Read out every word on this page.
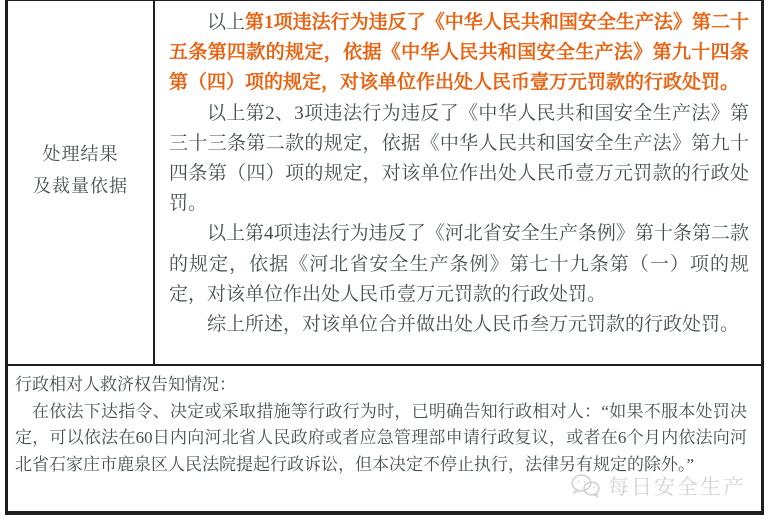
处理结果
及裁量依据

以上第1项违法行为违反了《中华人民共和国安全生产法》第二十五条第四款的规定，依据《中华人民共和国安全生产法》第九十四条第（四）项的规定，对该单位作出处人民币壹万元罚款的行政处罚。

以上第2、3项违法行为违反了《中华人民共和国安全生产法》第三十三条第二款的规定，依据《中华人民共和国安全生产法》第九十四条第（四）项的规定，对该单位作出处人民币壹万元罚款的行政处罚。

以上第4项违法行为违反了《河北省安全生产条例》第十条第二款的规定，依据《河北省安全生产条例》第七十九条第（一）项的规定，对该单位作出处人民币壹万元罚款的行政处罚。

综上所述，对该单位合并做出处人民币叁万元罚款的行政处罚。

行政相对人救济权告知情况：
在依法下达指令、决定或采取措施等行政行为时，已明确告知行政相对人：“如果不服本处罚决定，可以依法在60日内向河北省人民政府或者应急管理部申请行政复议，或者在6个月内依法向河北省石家庄市鹿泉区人民法院提起行政诉讼，但本决定不停止执行，法律另有规定的除外。”
每日安全生产
